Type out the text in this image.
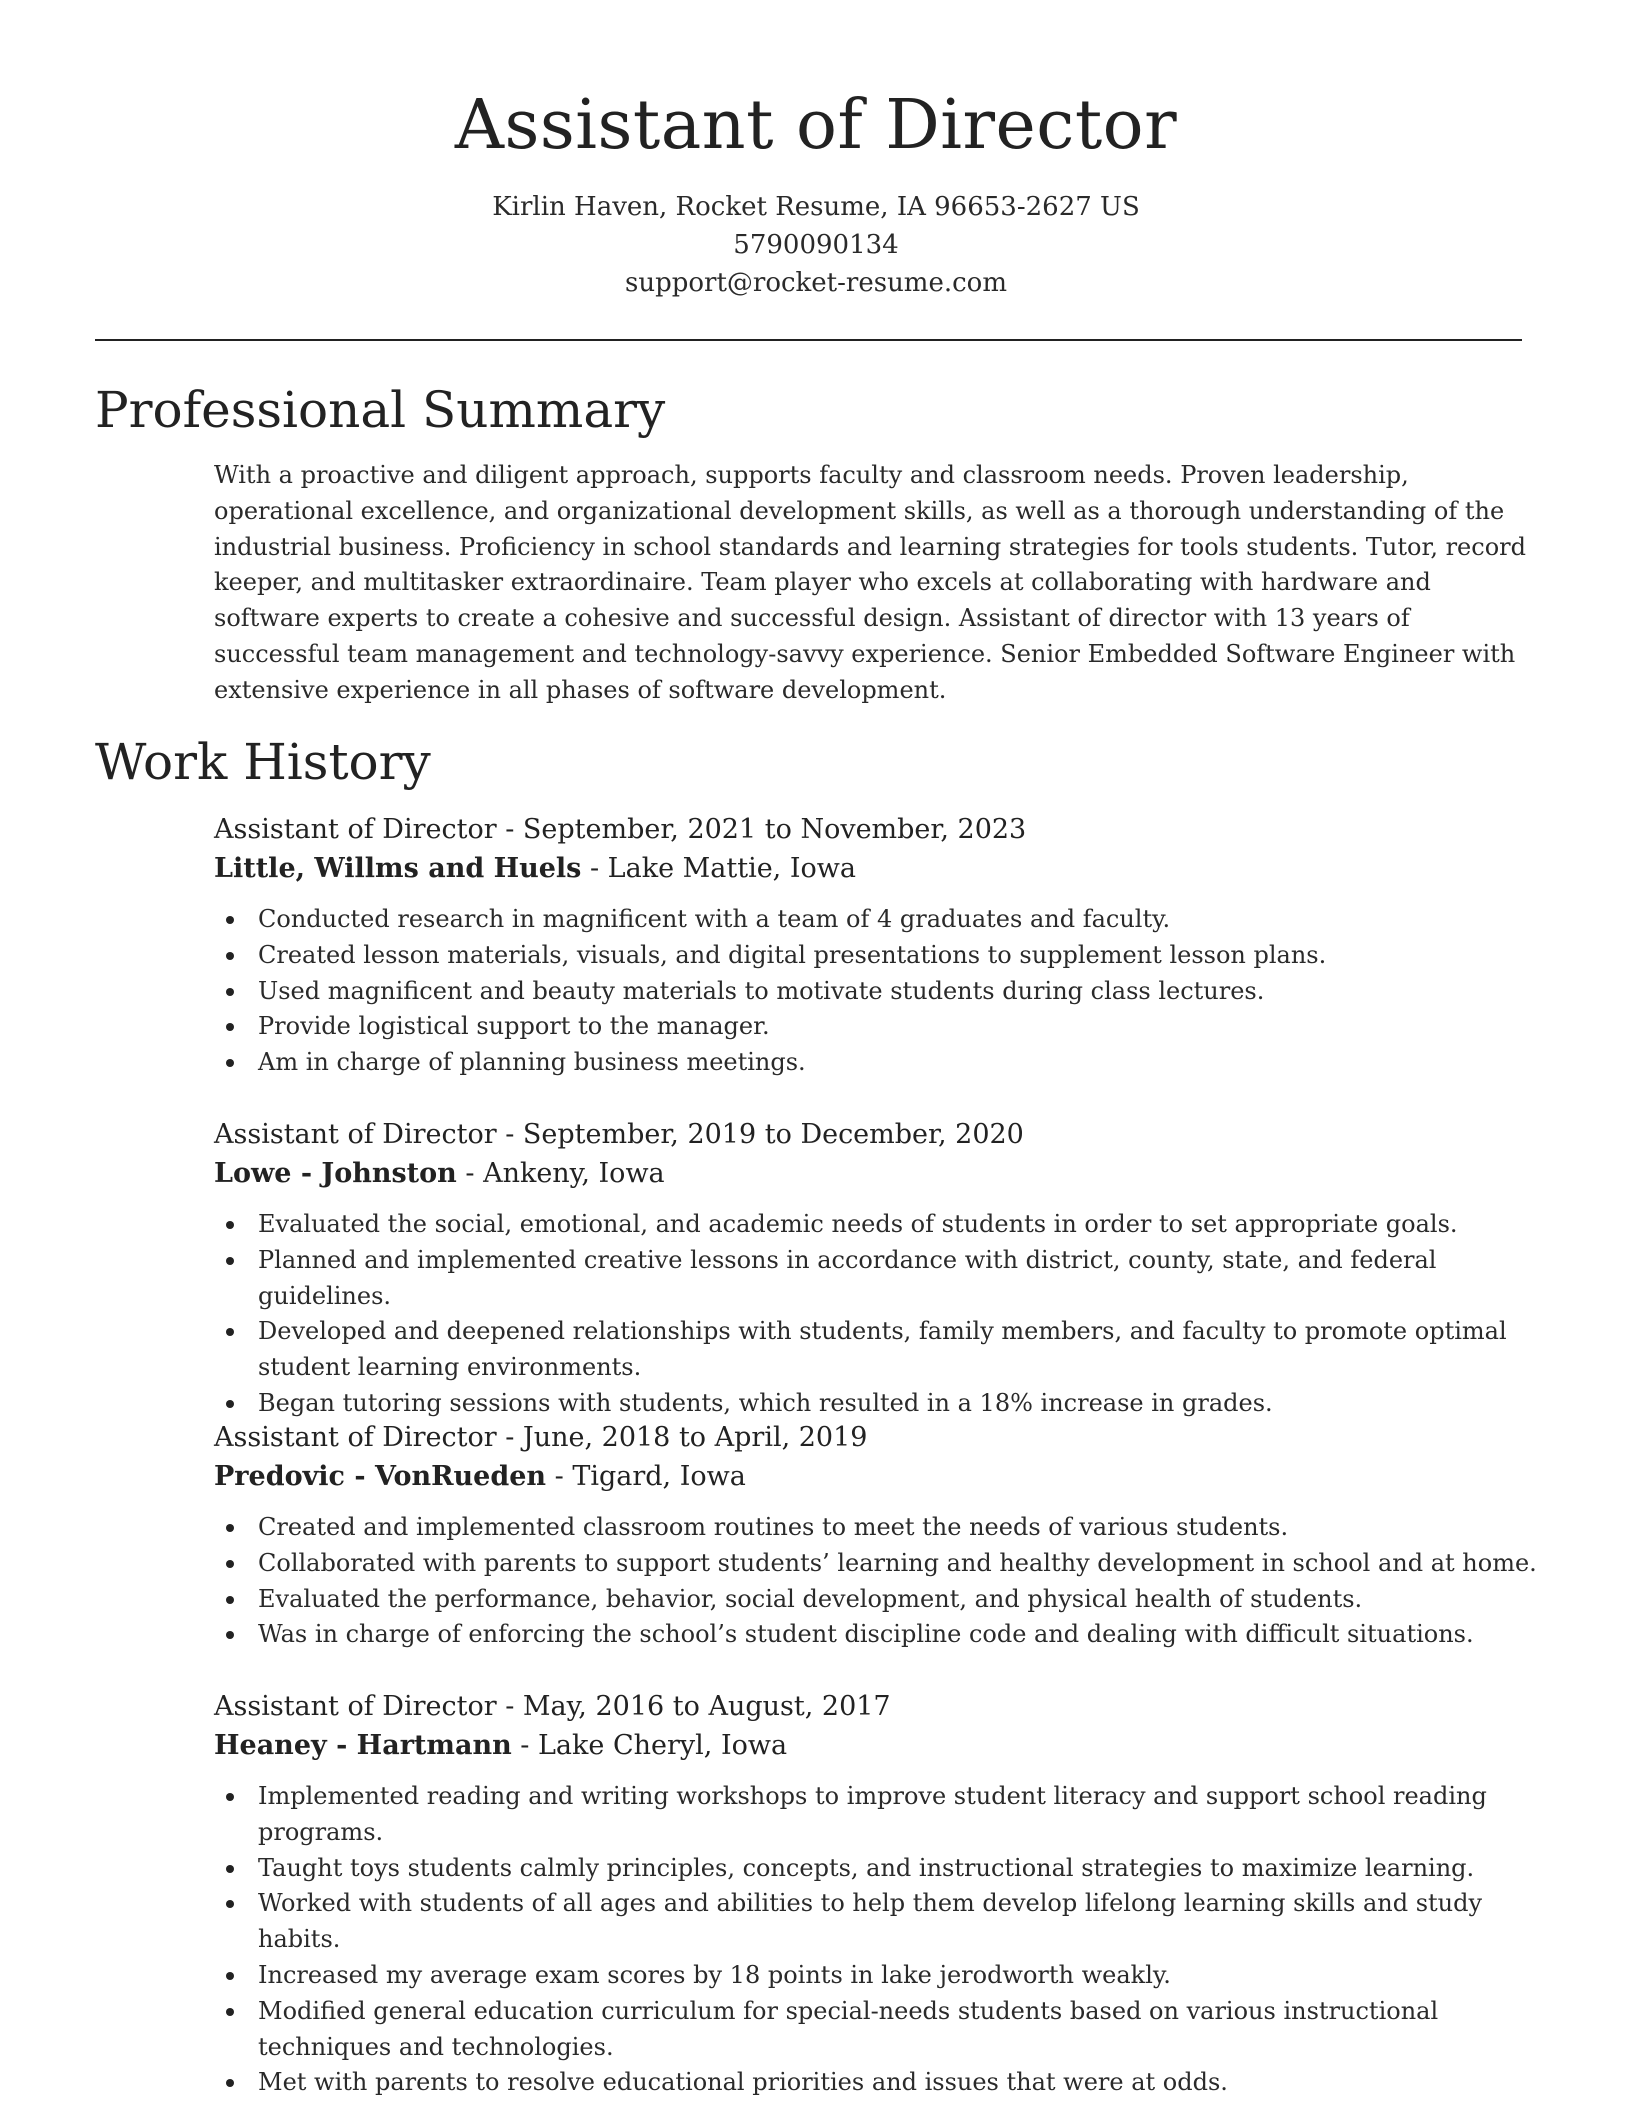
Assistant of Director
Kirlin Haven, Rocket Resume, IA 96653-2627 US
5790090134
support@rocket-resume.com
Professional Summary

With a proactive and diligent approach, supports faculty and classroom needs. Proven leadership, operational excellence, and organizational development skills, as well as a thorough understanding of the industrial business. Proficiency in school standards and learning strategies for tools students. Tutor, record keeper, and multitasker extraordinaire. Team player who excels at collaborating with hardware and software experts to create a cohesive and successful design. Assistant of director with 13 years of successful team management and technology-savvy experience. Senior Embedded Software Engineer with extensive experience in all phases of software development.

Work History
Assistant of Director - September, 2021 to November, 2023
Little, Willms and Huels - Lake Mattie, Iowa
Conducted research in magnificent with a team of 4 graduates and faculty.
Created lesson materials, visuals, and digital presentations to supplement lesson plans.
Used magnificent and beauty materials to motivate students during class lectures.
Provide logistical support to the manager.
Am in charge of planning business meetings.
Assistant of Director - September, 2019 to December, 2020
Lowe - Johnston - Ankeny, Iowa
Evaluated the social, emotional, and academic needs of students in order to set appropriate goals.
Planned and implemented creative lessons in accordance with district, county, state, and federal guidelines.
Developed and deepened relationships with students, family members, and faculty to promote optimal student learning environments.
Began tutoring sessions with students, which resulted in a 18% increase in grades.
Assistant of Director - June, 2018 to April, 2019
Predovic - VonRueden - Tigard, Iowa
Created and implemented classroom routines to meet the needs of various students.
Collaborated with parents to support students’ learning and healthy development in school and at home.
Evaluated the performance, behavior, social development, and physical health of students.
Was in charge of enforcing the school’s student discipline code and dealing with difficult situations.
Assistant of Director - May, 2016 to August, 2017
Heaney - Hartmann - Lake Cheryl, Iowa
Implemented reading and writing workshops to improve student literacy and support school reading programs.
Taught toys students calmly principles, concepts, and instructional strategies to maximize learning.
Worked with students of all ages and abilities to help them develop lifelong learning skills and study habits.
Increased my average exam scores by 18 points in lake jerodworth weakly.
Modified general education curriculum for special-needs students based on various instructional techniques and technologies.
Met with parents to resolve educational priorities and issues that were at odds.
